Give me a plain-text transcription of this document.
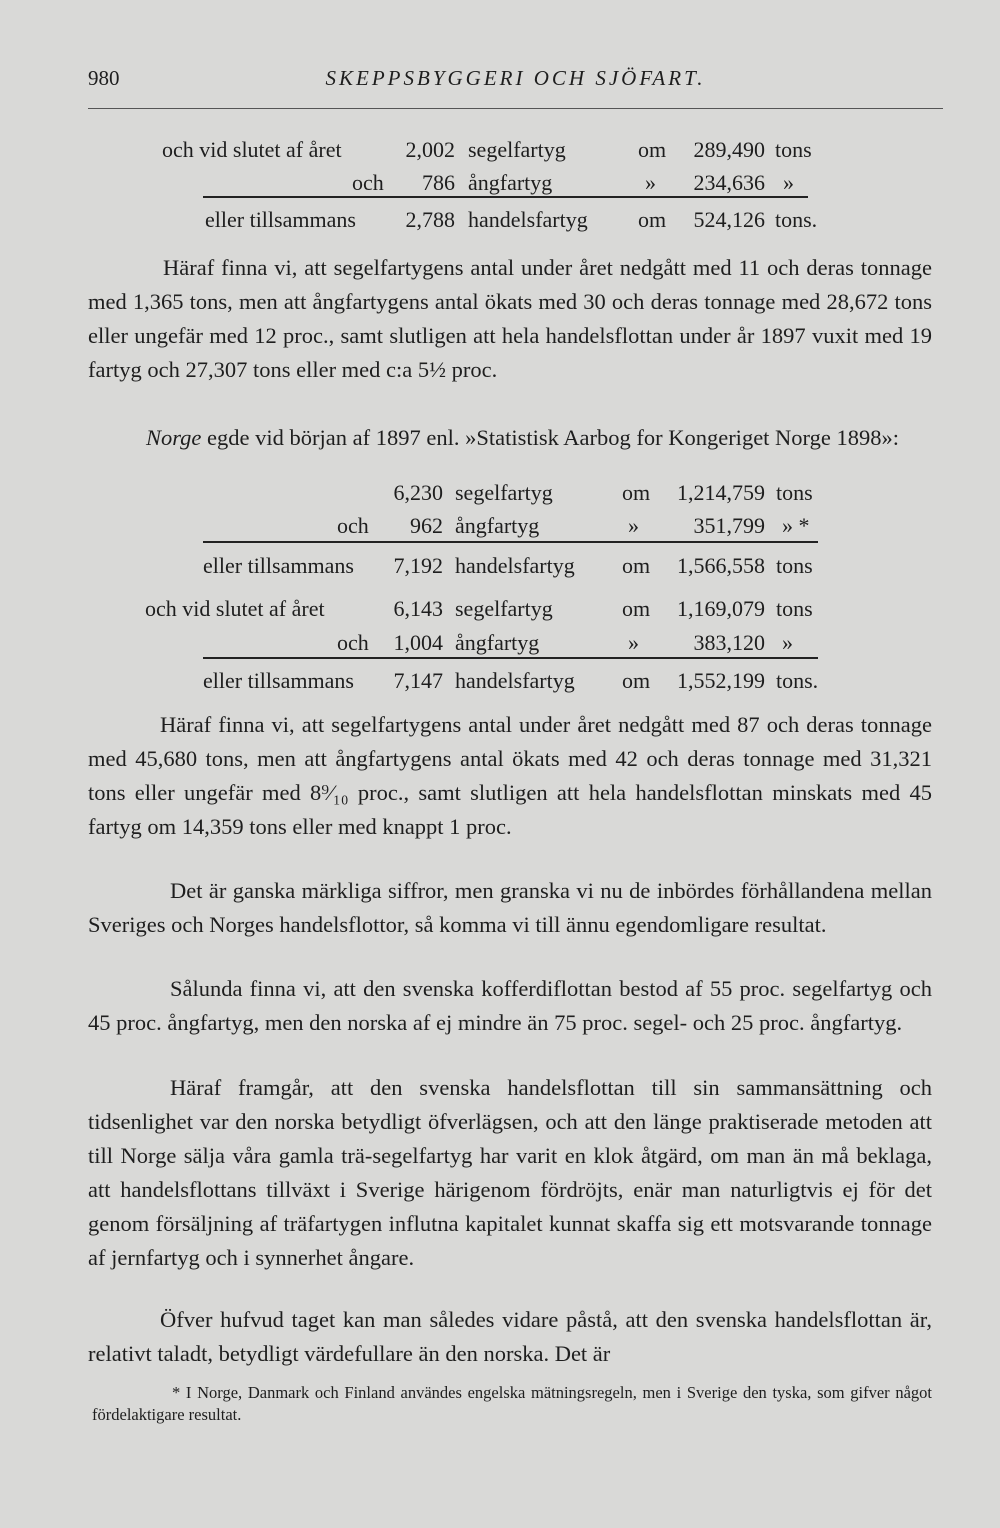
980	SKEPPSBYGGERI OCH SJÖFART.
och vid slutet af året	2,002 segelfartyg	om 289,490 tons
och 786 ångfartyg	» 234,636 »
eller tillsammans 2,788 handelsfartyg om 524,126 tons.
Häraf finna vi, att segelfartygens antal under året nedgått med 11 och deras tonnage med 1,365 tons, men att ångfartygens antal ökats med 30 och deras tonnage med 28,672 tons eller ungefär med 12 proc., samt slutligen att hela handelsflottan under år 1897 vuxit med 19 fartyg och 27,307 tons eller med c:a 5½ proc.
Norge egde vid början af 1897 enl. »Statistisk Aarbog for Kongeriget Norge 1898»:
6,230 segelfartyg	om 1,214,759 tons
och 962 ångfartyg	» 351,799 » *
eller tillsammans 7,192 handelsfartyg om 1,566,558 tons
och vid slutet af året	6,143 segelfartyg	om 1,169,079 tons
och 1,004 ångfartyg	» 383,120 »
eller tillsammans 7,147 handelsfartyg om 1,552,199 tons.
Häraf finna vi, att segelfartygens antal under året nedgått med 87 och deras tonnage med 45,680 tons, men att ångfartygens antal ökats med 42 och deras tonnage med 31,321 tons eller ungefär med 8⁹⁄₁₀ proc., samt slutligen att hela handelsflottan minskats med 45 fartyg om 14,359 tons eller med knappt 1 proc.
Det är ganska märkliga siffror, men granska vi nu de inbördes förhållandena mellan Sveriges och Norges handelsflottor, så komma vi till ännu egendomligare resultat.
Sålunda finna vi, att den svenska kofferdiflottan bestod af 55 proc. segelfartyg och 45 proc. ångfartyg, men den norska af ej mindre än 75 proc. segel- och 25 proc. ångfartyg.
Häraf framgår, att den svenska handelsflottan till sin sammansättning och tidsenlighet var den norska betydligt öfverlägsen, och att den länge praktiserade metoden att till Norge sälja våra gamla trä-segelfartyg har varit en klok åtgärd, om man än må beklaga, att handelsflottans tillväxt i Sverige härigenom fördröjts, enär man naturligtvis ej för det genom försäljning af träfartygen influtna kapitalet kunnat skaffa sig ett motsvarande tonnage af jernfartyg och i synnerhet ångare.
Öfver hufvud taget kan man således vidare påstå, att den svenska handelsflottan är, relativt taladt, betydligt värdefullare än den norska. Det är
* I Norge, Danmark och Finland användes engelska mätningsregeln, men i Sverige den tyska, som gifver något fördelaktigare resultat.
